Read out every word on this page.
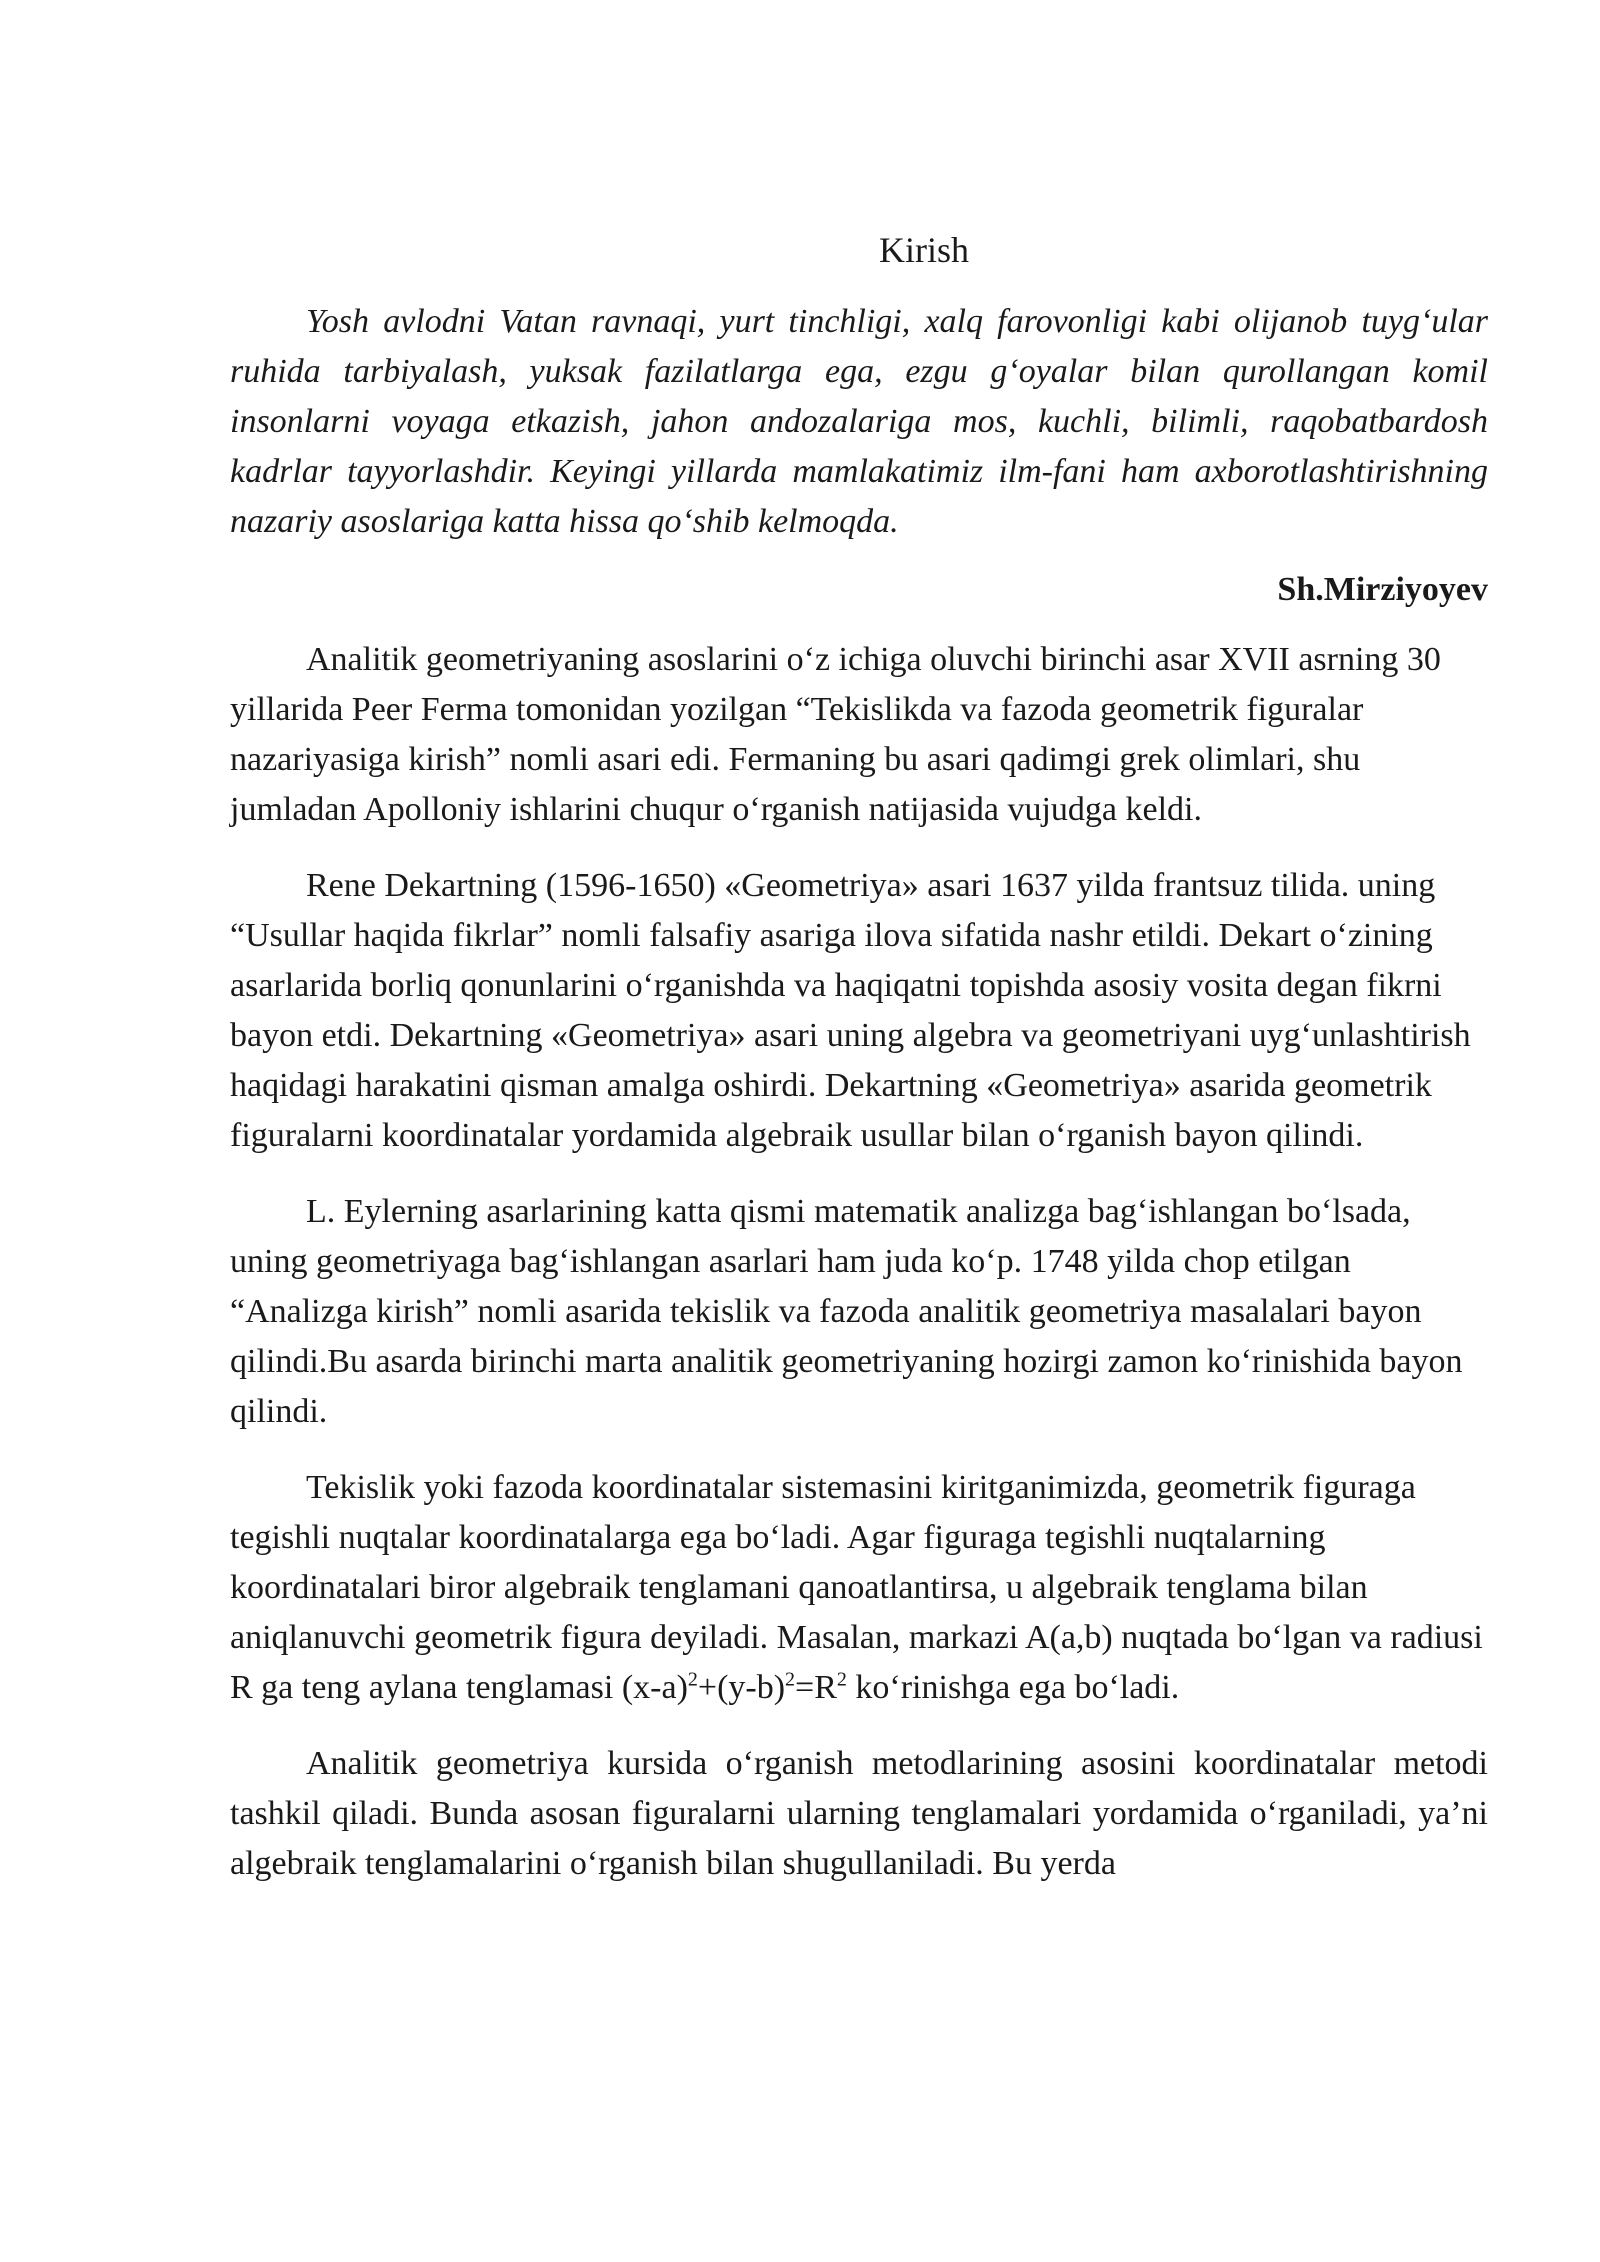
Kirish

Yosh avlodni Vatan ravnaqi, yurt tinchligi, xalq farovonligi kabi olijanob tuyg‘ular ruhida tarbiyalash, yuksak fazilatlarga ega, ezgu g‘oyalar bilan qurollangan komil insonlarni voyaga etkazish, jahon andozalariga mos, kuchli, bilimli, raqobatbardosh kadrlar tayyorlashdir. Keyingi yillarda mamlakatimiz ilm-fani ham axborotlashtirishning nazariy asoslariga katta hissa qo‘shib kelmoqda.

Sh.Mirziyoyev

Analitik geometriyaning asoslarini o‘z ichiga oluvchi birinchi asar XVII asrning 30 yillarida Peer Ferma tomonidan yozilgan “Tekislikda va fazoda geometrik figuralar nazariyasiga kirish” nomli asari edi. Fermaning bu asari qadimgi grek olimlari, shu jumladan Apolloniy ishlarini chuqur o‘rganish natijasida vujudga keldi.

Rene Dekartning (1596-1650) «Geometriya» asari 1637 yilda frantsuz tilida. uning “Usullar haqida fikrlar” nomli falsafiy asariga ilova sifatida nashr etildi. Dekart o‘zining asarlarida borliq qonunlarini o‘rganishda va haqiqatni topishda asosiy vosita degan fikrni bayon etdi. Dekartning «Geometriya» asari uning algebra va geometriyani uyg‘unlashtirish haqidagi harakatini qisman amalga oshirdi. Dekartning «Geometriya» asarida geometrik figuralarni koordinatalar yordamida algebraik usullar bilan o‘rganish bayon qilindi.

L. Eylerning asarlarining katta qismi matematik analizga bag‘ishlangan bo‘lsada, uning geometriyaga bag‘ishlangan asarlari ham juda ko‘p. 1748 yilda chop etilgan “Analizga kirish” nomli asarida tekislik va fazoda analitik geometriya masalalari bayon qilindi.Bu asarda birinchi marta analitik geometriyaning hozirgi zamon ko‘rinishida bayon qilindi.

Tekislik yoki fazoda koordinatalar sistemasini kiritganimizda, geometrik figuraga tegishli nuqtalar koordinatalarga ega bo‘ladi. Agar figuraga tegishli nuqtalarning koordinatalari biror algebraik tenglamani qanoatlantirsa, u algebraik tenglama bilan aniqlanuvchi geometrik figura deyiladi. Masalan, markazi A(a,b) nuqtada bo‘lgan va radiusi R ga teng aylana tenglamasi $(x-a)^2+(y-b)^2=R^2$ ko‘rinishga ega bo‘ladi.

Analitik geometriya kursida o‘rganish metodlarining asosini koordinatalar metodi tashkil qiladi. Bunda asosan figuralarni ularning tenglamalari yordamida o‘rganiladi, ya’ni algebraik tenglamalarini o‘rganish bilan shugullaniladi. Bu yerda
